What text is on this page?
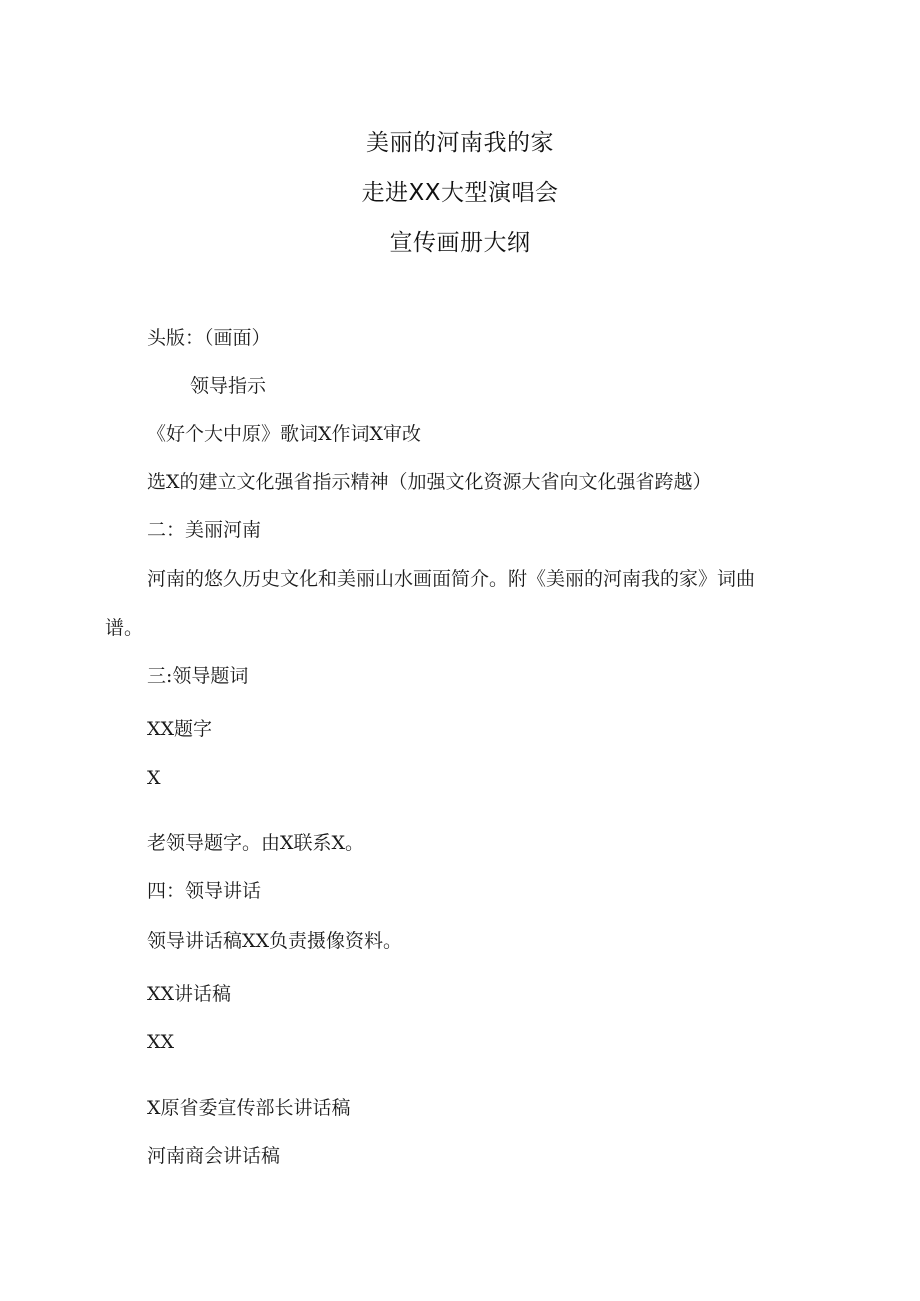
美丽的河南我的家
走进XX大型演唱会
宣传画册大纲
头版：（画面）
领导指示
《好个大中原》歌词X作词X审改
选X的建立文化强省指示精神（加强文化资源大省向文化强省跨越）
二：美丽河南
河南的悠久历史文化和美丽山水画面简介。附《美丽的河南我的家》词曲
谱。
三:领导题词
XX题字
X
老领导题字。由X联系X。
四：领导讲话
领导讲话稿XX负责摄像资料。
XX讲话稿
XX
X原省委宣传部长讲话稿
河南商会讲话稿
